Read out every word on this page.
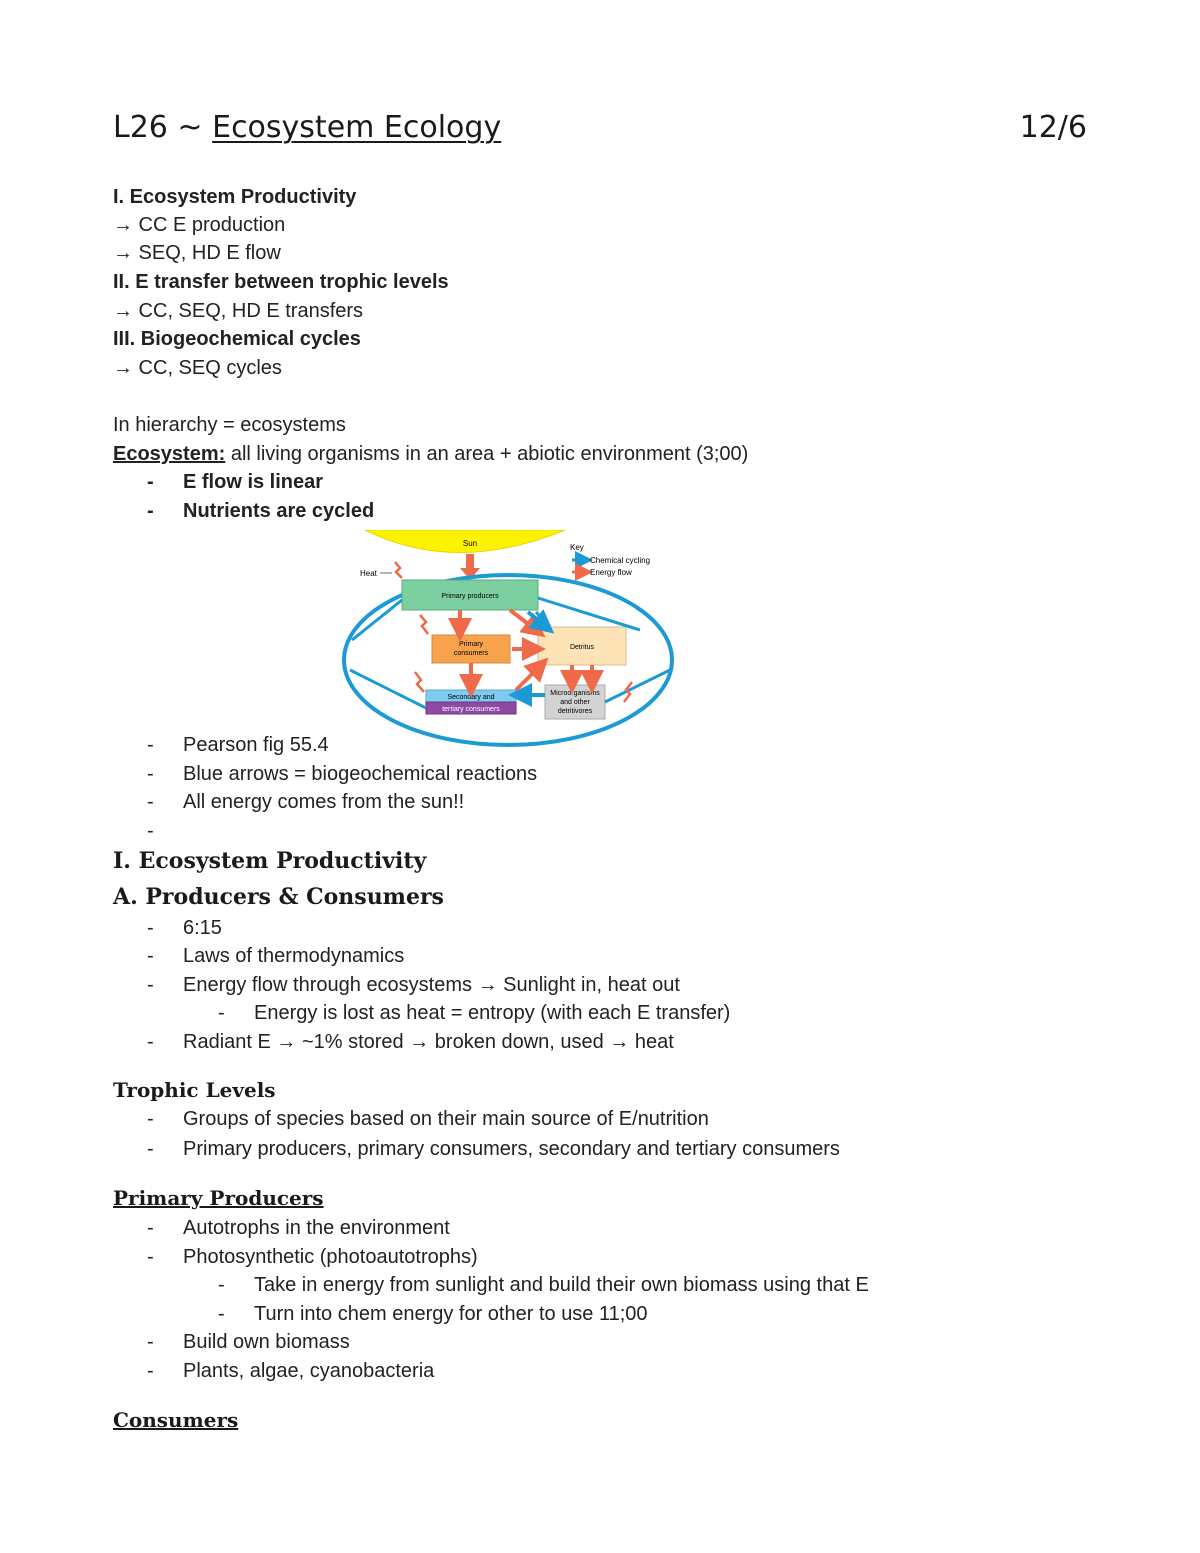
L26 ~ Ecosystem Ecology	12/6
I. Ecosystem Productivity
→ CC E production
→ SEQ, HD E flow
II. E transfer between trophic levels
→ CC, SEQ, HD E transfers
III. Biogeochemical cycles
→ CC, SEQ cycles
In hierarchy = ecosystems
Ecosystem: all living organisms in an area + abiotic environment (3;00)
- E flow is linear
- Nutrients are cycled
Sun
Heat
Key
Chemical cycling
Energy flow
Primary producers
Primary
consumers
Detritus
Secondary and
tertiary consumers
Microorganisms
and other
detritivores
- Pearson fig 55.4
- Blue arrows = biogeochemical reactions
- All energy comes from the sun!!
-
I. Ecosystem Productivity
A. Producers & Consumers
- 6:15
- Laws of thermodynamics
- Energy flow through ecosystems → Sunlight in, heat out
- Energy is lost as heat = entropy (with each E transfer)
- Radiant E → ~1% stored → broken down, used → heat
Trophic Levels
- Groups of species based on their main source of E/nutrition
- Primary producers, primary consumers, secondary and tertiary consumers
Primary Producers
- Autotrophs in the environment
- Photosynthetic (photoautotrophs)
- Take in energy from sunlight and build their own biomass using that E
- Turn into chem energy for other to use 11;00
- Build own biomass
- Plants, algae, cyanobacteria
Consumers
